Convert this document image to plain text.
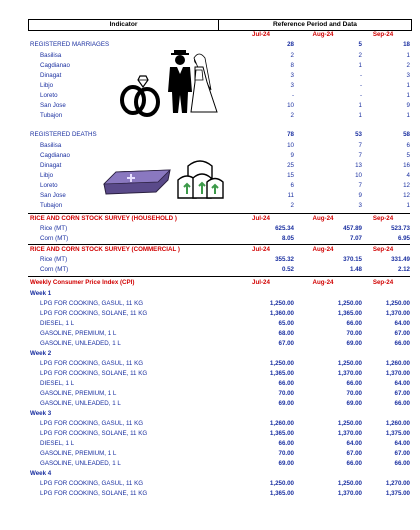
Indicator	Reference Period and Data
Jul-24	Aug-24	Sep-24
REGISTERED MARRIAGES	28	5	18
Basilisa	2	2	1
Cagdianao	8	1	2
Dinagat	3	-	3
Libjo	3	-	1
Loreto	-	-	1
San Jose	10	1	9
Tubajon	2	1	1
REGISTERED DEATHS	78	53	58
Basilisa	10	7	6
Cagdianao	9	7	5
Dinagat	25	13	16
Libjo	15	10	4
Loreto	6	7	12
San Jose	11	9	12
Tubajon	2	3	1
RICE AND CORN STOCK SURVEY (HOUSEHOLD )	Jul-24	Aug-24	Sep-24
Rice (MT)	625.34	457.89	523.73
Corn (MT)	8.05	7.07	6.95
RICE AND CORN STOCK SURVEY (COMMERCIAL )	Jul-24	Aug-24	Sep-24
Rice (MT)	355.32	370.15	331.49
Corn (MT)	0.52	1.48	2.12
Weekly Consumer Price Index (CPI)	Jul-24	Aug-24	Sep-24
Week 1
LPG FOR COOKING, GASUL, 11 KG	1,250.00	1,250.00	1,250.00
LPG FOR COOKING, SOLANE, 11 KG	1,360.00	1,365.00	1,370.00
DIESEL, 1 L	65.00	66.00	64.00
GASOLINE, PREMIUM, 1 L	68.00	70.00	67.00
GASOLINE, UNLEADED, 1 L	67.00	69.00	66.00
Week 2
LPG FOR COOKING, GASUL, 11 KG	1,250.00	1,250.00	1,260.00
LPG FOR COOKING, SOLANE, 11 KG	1,365.00	1,370.00	1,370.00
DIESEL, 1 L	66.00	66.00	64.00
GASOLINE, PREMIUM, 1 L	70.00	70.00	67.00
GASOLINE, UNLEADED, 1 L	69.00	69.00	66.00
Week 3
LPG FOR COOKING, GASUL, 11 KG	1,260.00	1,250.00	1,260.00
LPG FOR COOKING, SOLANE, 11 KG	1,365.00	1,370.00	1,375.00
DIESEL, 1 L	66.00	64.00	64.00
GASOLINE, PREMIUM, 1 L	70.00	67.00	67.00
GASOLINE, UNLEADED, 1 L	69.00	66.00	66.00
Week 4
LPG FOR COOKING, GASUL, 11 KG	1,250.00	1,250.00	1,270.00
LPG FOR COOKING, SOLANE, 11 KG	1,365.00	1,370.00	1,375.00
